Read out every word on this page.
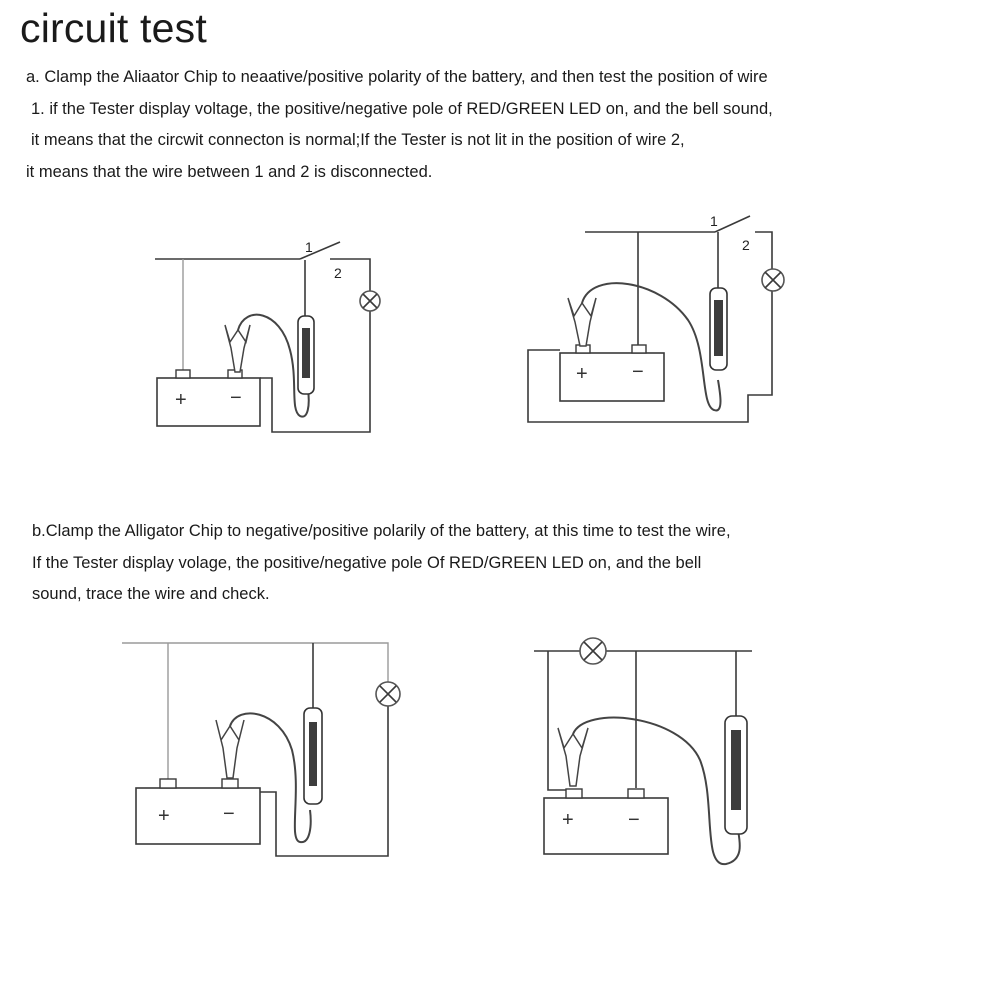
circuit test
a. Clamp the Aliaator Chip to neaative/positive polarity of the battery, and then test the position of wire
1. if the Tester display voltage, the positive/negative pole of RED/GREEN LED on, and the bell sound,
it means that the circwit connecton is normal;If the Tester is not lit in the position of wire 2,
it means that the wire between 1 and 2 is disconnected.
b.Clamp the Alligator Chip to negative/positive polarily of the battery, at this time to test the wire,
If the Tester display volage, the positive/negative pole Of RED/GREEN LED on, and the bell
sound, trace the wire and check.
1
2
+ −
1
2
+ −
+	−	+	−
